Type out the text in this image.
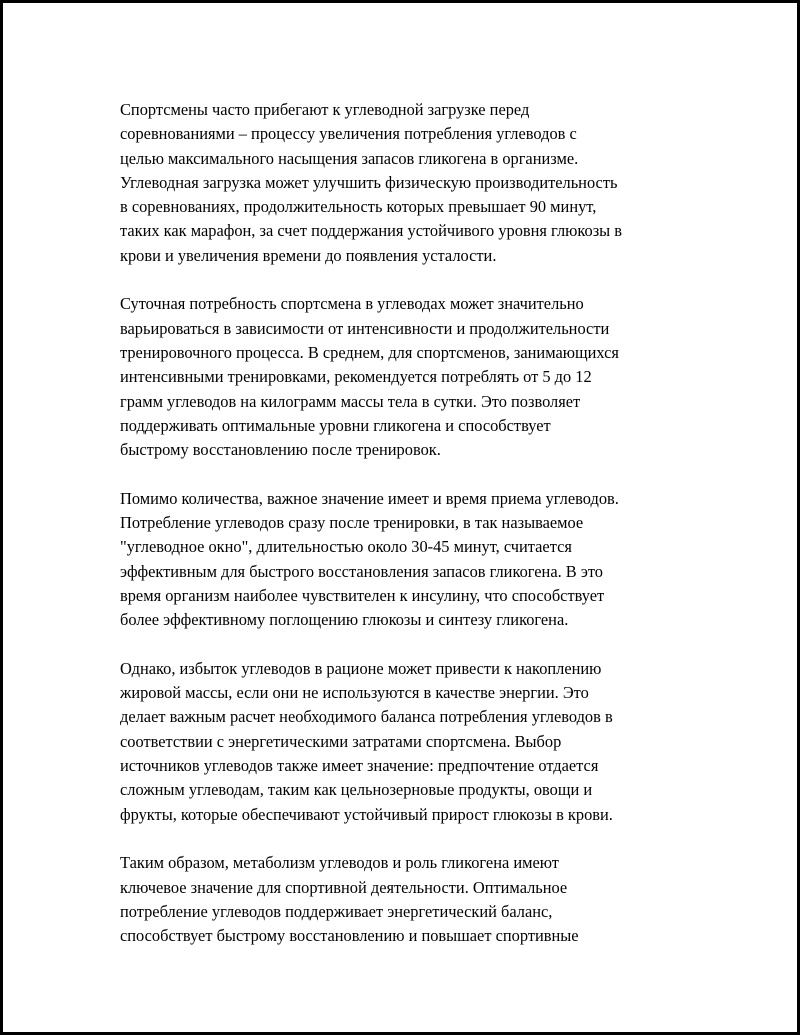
Спортсмены часто прибегают к углеводной загрузке перед
соревнованиями – процессу увеличения потребления углеводов с
целью максимального насыщения запасов гликогена в организме.
Углеводная загрузка может улучшить физическую производительность
в соревнованиях, продолжительность которых превышает 90 минут,
таких как марафон, за счет поддержания устойчивого уровня глюкозы в
крови и увеличения времени до появления усталости.

Суточная потребность спортсмена в углеводах может значительно
варьироваться в зависимости от интенсивности и продолжительности
тренировочного процесса. В среднем, для спортсменов, занимающихся
интенсивными тренировками, рекомендуется потреблять от 5 до 12
грамм углеводов на килограмм массы тела в сутки. Это позволяет
поддерживать оптимальные уровни гликогена и способствует
быстрому восстановлению после тренировок.

Помимо количества, важное значение имеет и время приема углеводов.
Потребление углеводов сразу после тренировки, в так называемое
"углеводное окно", длительностью около 30-45 минут, считается
эффективным для быстрого восстановления запасов гликогена. В это
время организм наиболее чувствителен к инсулину, что способствует
более эффективному поглощению глюкозы и синтезу гликогена.

Однако, избыток углеводов в рационе может привести к накоплению
жировой массы, если они не используются в качестве энергии. Это
делает важным расчет необходимого баланса потребления углеводов в
соответствии с энергетическими затратами спортсмена. Выбор
источников углеводов также имеет значение: предпочтение отдается
сложным углеводам, таким как цельнозерновые продукты, овощи и
фрукты, которые обеспечивают устойчивый прирост глюкозы в крови.

Таким образом, метаболизм углеводов и роль гликогена имеют
ключевое значение для спортивной деятельности. Оптимальное
потребление углеводов поддерживает энергетический баланс,
способствует быстрому восстановлению и повышает спортивные
